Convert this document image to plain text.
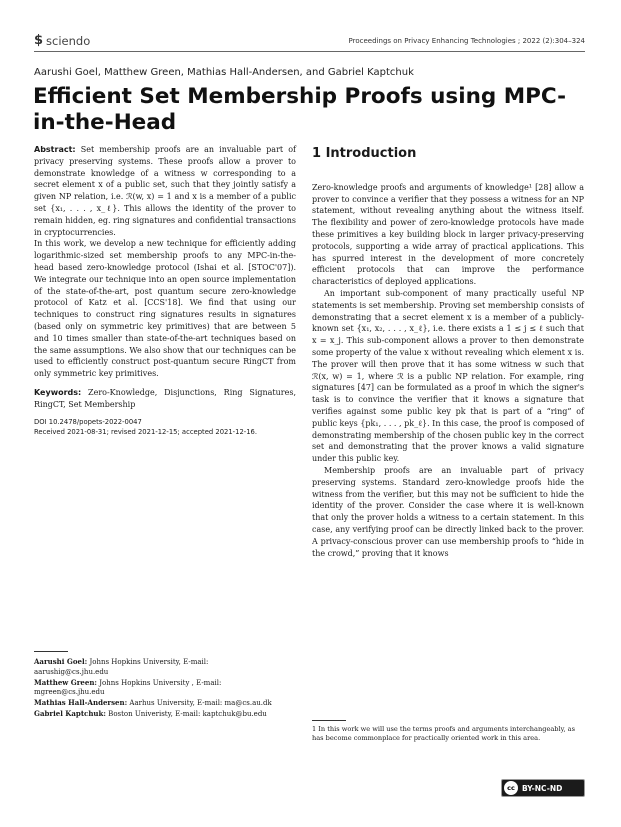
$ sciendo	Proceedings on Privacy Enhancing Technologies ; 2022 (2):304–324
Aarushi Goel, Matthew Green, Mathias Hall-Andersen, and Gabriel Kaptchuk
Efficient Set Membership Proofs using MPC-in-the-Head

Abstract: Set membership proofs are an invaluable part of privacy preserving systems. These proofs allow a prover to demonstrate knowledge of a witness w corresponding to a secret element x of a public set, such that they jointly satisfy a given NP relation, i.e. ℛ(w, x) = 1 and x is a member of a public set {x₁, . . . , x_ℓ}. This allows the identity of the prover to remain hidden, eg. ring signatures and confidential transactions in cryptocurrencies.

In this work, we develop a new technique for efficiently adding logarithmic-sized set membership proofs to any MPC-in-the-head based zero-knowledge protocol (Ishai et al. [STOC'07]). We integrate our technique into an open source implementation of the state-of-the-art, post quantum secure zero-knowledge protocol of Katz et al. [CCS'18]. We find that using our techniques to construct ring signatures results in signatures (based only on symmetric key primitives) that are between 5 and 10 times smaller than state-of-the-art techniques based on the same assumptions. We also show that our techniques can be used to efficiently construct post-quantum secure RingCT from only symmetric key primitives.

Keywords: Zero-Knowledge, Disjunctions, Ring Signatures, RingCT, Set Membership

DOI 10.2478/popets-2022-0047
Received 2021-08-31; revised 2021-12-15; accepted 2021-12-16.
Aarushi Goel: Johns Hopkins University, E-mail: aarushig@cs.jhu.edu
Matthew Green: Johns Hopkins University , E-mail: mgreen@cs.jhu.edu
Mathias Hall-Andersen: Aarhus University, E-mail: ma@cs.au.dk
Gabriel Kaptchuk: Boston Univeristy, E-mail: kaptchuk@bu.edu
1 Introduction

Zero-knowledge proofs and arguments of knowledge¹ [28] allow a prover to convince a verifier that they possess a witness for an NP statement, without revealing anything about the witness itself. The flexibility and power of zero-knowledge protocols have made these primitives a key building block in larger privacy-preserving protocols, supporting a wide array of practical applications. This has spurred interest in the development of more concretely efficient protocols that can improve the performance characteristics of deployed applications.

An important sub-component of many practically useful NP statements is set membership. Proving set membership consists of demonstrating that a secret element x is a member of a publicly-known set {x₁, x₂, . . . , x_ℓ}, i.e. there exists a 1 ≤ j ≤ ℓ such that x = x_j. This sub-component allows a prover to then demonstrate some property of the value x without revealing which element x is. The prover will then prove that it has some witness w such that ℛ(x, w) = 1, where ℛ is a public NP relation. For example, ring signatures [47] can be formulated as a proof in which the signer's task is to convince the verifier that it knows a signature that verifies against some public key pk that is part of a “ring” of public keys {pk₁, . . . , pk_ℓ}. In this case, the proof is composed of demonstrating membership of the chosen public key in the correct set and demonstrating that the prover knows a valid signature under this public key.

Membership proofs are an invaluable part of privacy preserving systems. Standard zero-knowledge proofs hide the witness from the verifier, but this may not be sufficient to hide the identity of the prover. Consider the case where it is well-known that only the prover holds a witness to a certain statement. In this case, any verifying proof can be directly linked back to the prover. A privacy-conscious prover can use membership proofs to “hide in the crowd,” proving that it knows

1 In this work we will use the terms proofs and arguments interchangeably, as has become commonplace for practically oriented work in this area.
cc BY-NC-ND
